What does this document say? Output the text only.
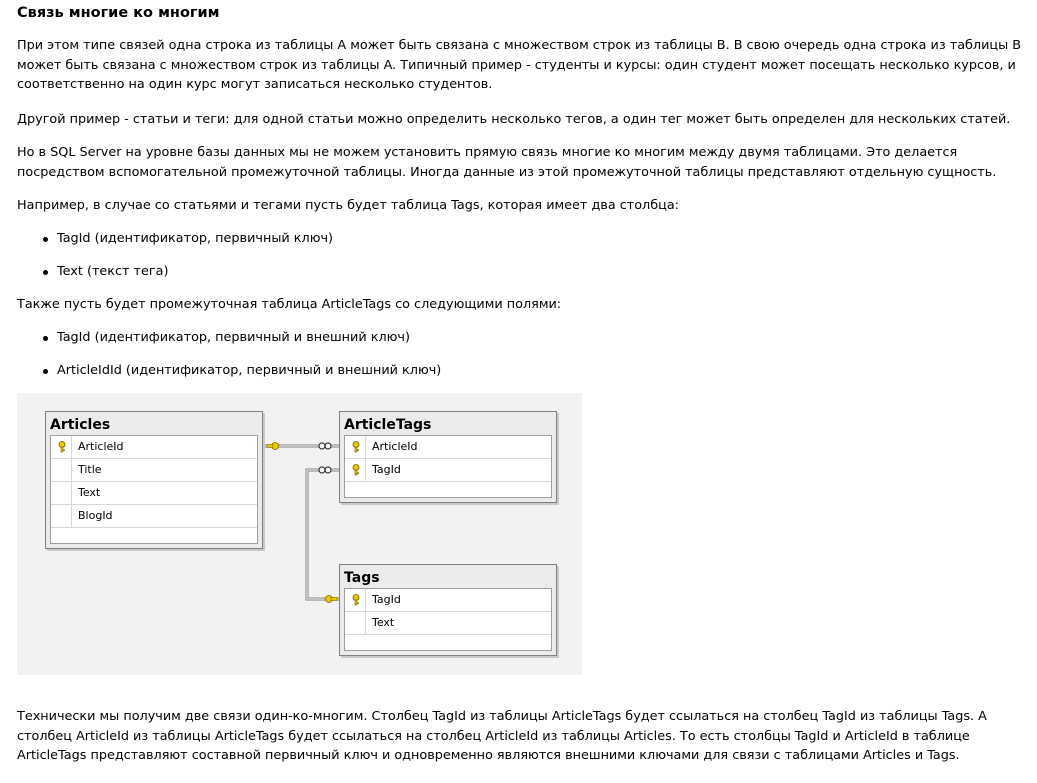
Связь многие ко многим

При этом типе связей одна строка из таблицы A может быть связана с множеством строк из таблицы B. В свою очередь одна строка из таблицы B может быть связана с множеством строк из таблицы A. Типичный пример - студенты и курсы: один студент может посещать несколько курсов, и соответственно на один курс могут записаться несколько студентов.

Другой пример - статьи и теги: для одной статьи можно определить несколько тегов, а один тег может быть определен для нескольких статей.

Но в SQL Server на уровне базы данных мы не можем установить прямую связь многие ко многим между двумя таблицами. Это делается посредством вспомогательной промежуточной таблицы. Иногда данные из этой промежуточной таблицы представляют отдельную сущность.

Например, в случае со статьями и тегами пусть будет таблица Tags, которая имеет два столбца:

TagId (идентификатор, первичный ключ)
Text (текст тега)

Также пусть будет промежуточная таблица ArticleTags со следующими полями:

TagId (идентификатор, первичный и внешний ключ)
ArticleIdId (идентификатор, первичный и внешний ключ)

Технически мы получим две связи один-ко-многим. Столбец TagId из таблицы ArticleTags будет ссылаться на столбец TagId из таблицы Tags. А столбец ArticleId из таблицы ArticleTags будет ссылаться на столбец ArticleId из таблицы Articles. То есть столбцы TagId и ArticleId в таблице ArticleTags представляют составной первичный ключ и одновременно являются внешними ключами для связи с таблицами Articles и Tags.

Articles
ArticleId
Title
Text
BlogId
ArticleTags
ArticleId
TagId
Tags
TagId
Text
